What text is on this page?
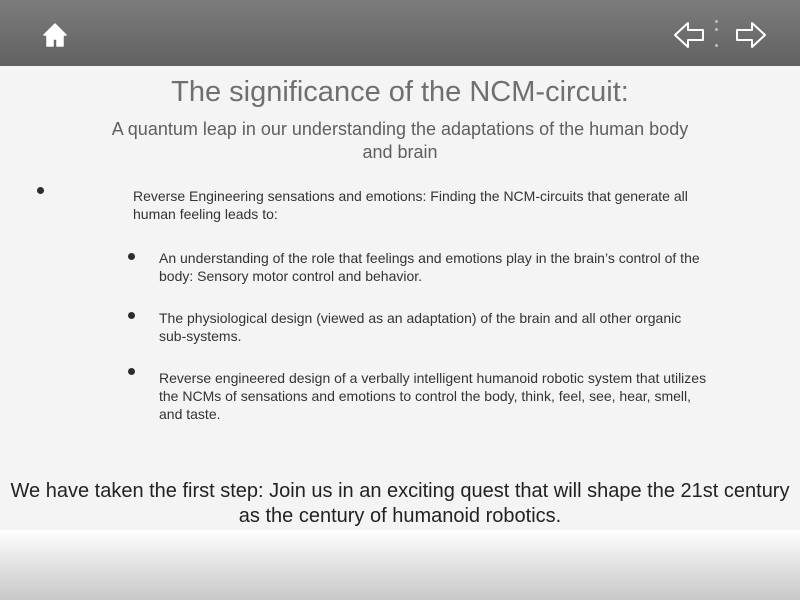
The significance of the NCM-circuit:
A quantum leap in our understanding the adaptations of the human body and brain
Reverse Engineering sensations and emotions: Finding the NCM-circuits that generate all human feeling leads to:
An understanding of the role that feelings and emotions play in the brain’s control of the body: Sensory motor control and behavior.
The physiological design (viewed as an adaptation) of the brain and all other organic sub-systems.
Reverse engineered design of a verbally intelligent humanoid robotic system that utilizes the NCMs of sensations and emotions to control the body, think, feel, see, hear, smell, and taste.
We have taken the first step: Join us in an exciting quest that will shape the 21st century as the century of humanoid robotics.
